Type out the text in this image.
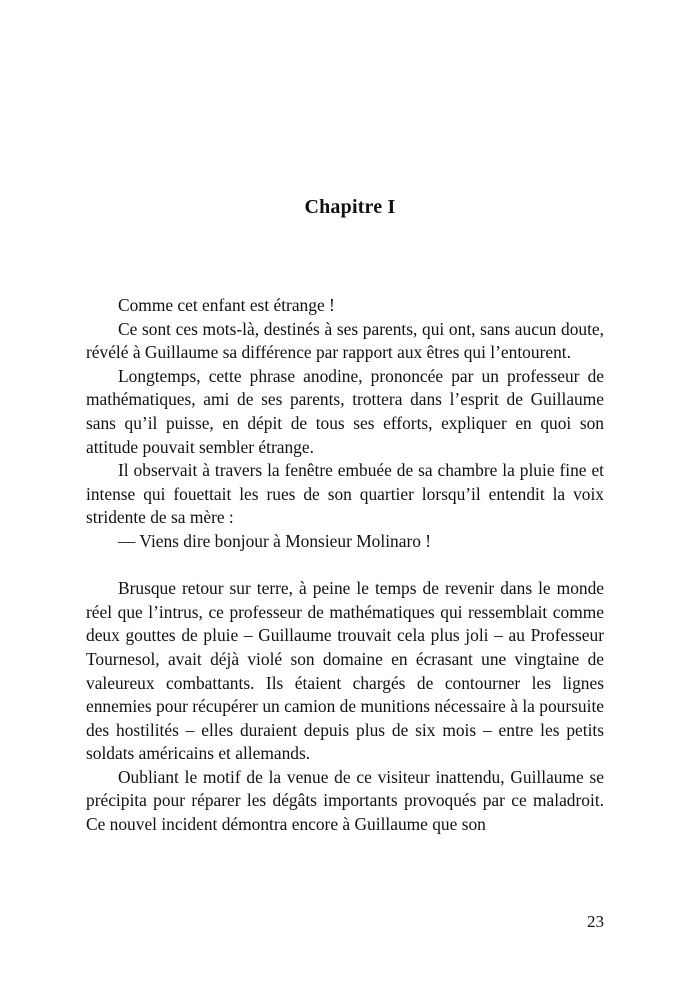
Chapitre I

Comme cet enfant est étrange !

Ce sont ces mots-là, destinés à ses parents, qui ont, sans aucun doute, révélé à Guillaume sa différence par rapport aux êtres qui l’entourent.

Longtemps, cette phrase anodine, prononcée par un professeur de mathématiques, ami de ses parents, trottera dans l’esprit de Guillaume sans qu’il puisse, en dépit de tous ses efforts, expliquer en quoi son attitude pouvait sembler étrange.

Il observait à travers la fenêtre embuée de sa chambre la pluie fine et intense qui fouettait les rues de son quartier lorsqu’il entendit la voix stridente de sa mère :

— Viens dire bonjour à Monsieur Molinaro !

Brusque retour sur terre, à peine le temps de revenir dans le monde réel que l’intrus, ce professeur de mathématiques qui ressemblait comme deux gouttes de pluie – Guillaume trouvait cela plus joli – au Professeur Tournesol, avait déjà violé son domaine en écrasant une vingtaine de valeureux combattants. Ils étaient chargés de contourner les lignes ennemies pour récupérer un camion de munitions nécessaire à la poursuite des hostilités – elles duraient depuis plus de six mois – entre les petits soldats américains et allemands.

Oubliant le motif de la venue de ce visiteur inattendu, Guillaume se précipita pour réparer les dégâts importants provoqués par ce maladroit. Ce nouvel incident démontra encore à Guillaume que son

23
